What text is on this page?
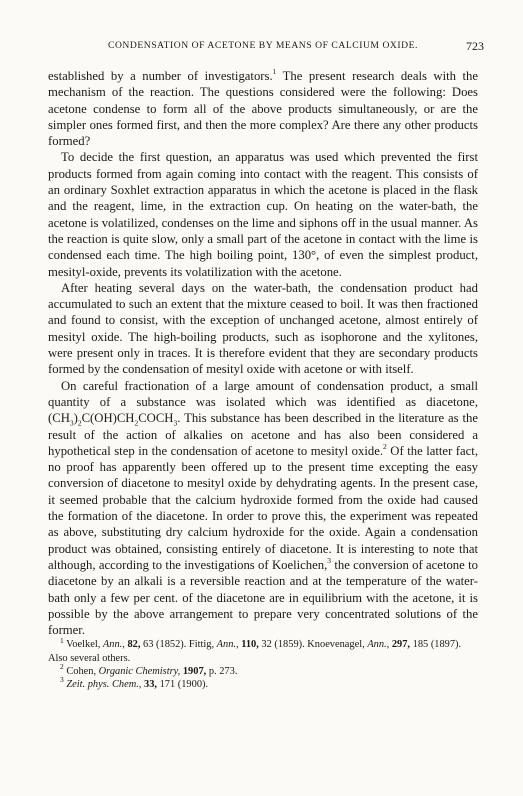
CONDENSATION OF ACETONE BY MEANS OF CALCIUM OXIDE.	723

established by a number of investigators.$^1$ The present research deals with the mechanism of the reaction. The questions considered were the following: Does acetone condense to form all of the above products simultaneously, or are the simpler ones formed first, and then the more complex? Are there any other products formed?

To decide the first question, an apparatus was used which prevented the first products formed from again coming into contact with the reagent. This consists of an ordinary Soxhlet extraction apparatus in which the acetone is placed in the flask and the reagent, lime, in the extraction cup. On heating on the water-bath, the acetone is volatilized, condenses on the lime and siphons off in the usual manner. As the reaction is quite slow, only a small part of the acetone in contact with the lime is condensed each time. The high boiling point, 130°, of even the simplest product, mesityl-oxide, prevents its volatilization with the acetone.

After heating several days on the water-bath, the condensation product had accumulated to such an extent that the mixture ceased to boil. It was then fractioned and found to consist, with the exception of unchanged acetone, almost entirely of mesityl oxide. The high-boiling products, such as isophorone and the xylitones, were present only in traces. It is therefore evident that they are secondary products formed by the condensation of mesityl oxide with acetone or with itself.

On careful fractionation of a large amount of condensation product, a small quantity of a substance was isolated which was identified as diacetone, $(CH_3)_2C(OH)CH_2COCH_3$. This substance has been described in the literature as the result of the action of alkalies on acetone and has also been considered a hypothetical step in the condensation of acetone to mesityl oxide.$^2$ Of the latter fact, no proof has apparently been offered up to the present time excepting the easy conversion of diacetone to mesityl oxide by dehydrating agents. In the present case, it seemed probable that the calcium hydroxide formed from the oxide had caused the formation of the diacetone. In order to prove this, the experiment was repeated as above, substituting dry calcium hydroxide for the oxide. Again a condensation product was obtained, consisting entirely of diacetone. It is interesting to note that although, according to the investigations of Koelichen,$^3$ the conversion of acetone to diacetone by an alkali is a reversible reaction and at the temperature of the water-bath only a few per cent. of the diacetone are in equilibrium with the acetone, it is possible by the above arrangement to prepare very concentrated solutions of the former.

$^1$ Voelkel, Ann., 82, 63 (1852). Fittig, Ann., 110, 32 (1859). Knoevenagel, Ann., 297, 185 (1897). Also several others.

$^2$ Cohen, Organic Chemistry, 1907, p. 273.

$^3$ Zeit. phys. Chem., 33, 171 (1900).
